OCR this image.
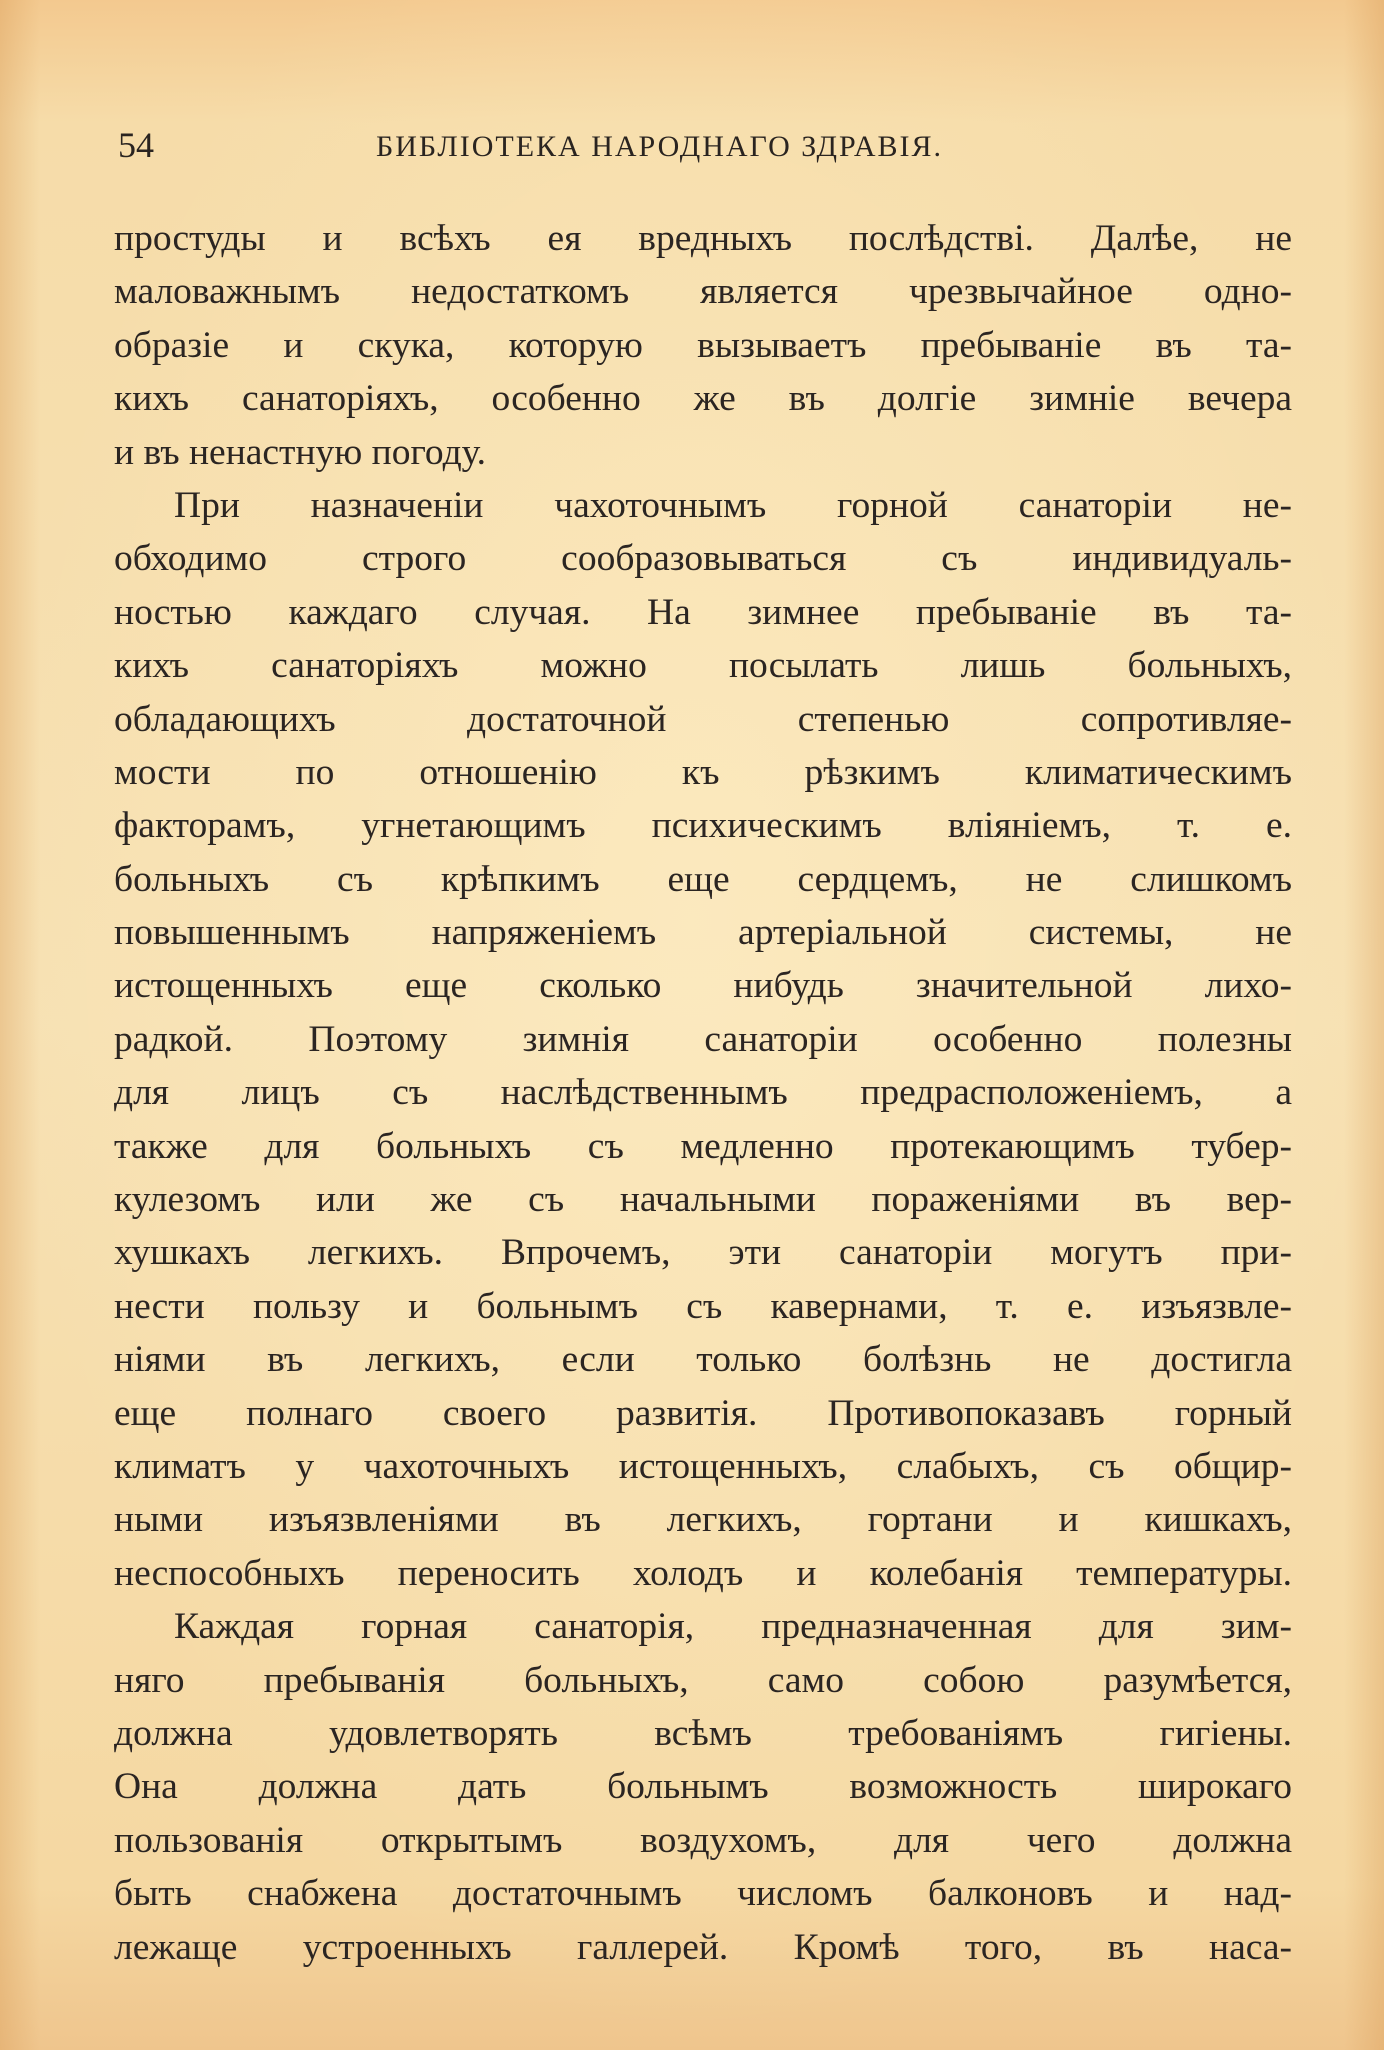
54	БИБЛIОТЕКА НАРОДНАГО ЗДРАВIЯ.

простуды и всѣхъ ея вредныхъ послѣдствi. Далѣе, не
маловажнымъ недостаткомъ является чрезвычайное одно-
образiе и скука, которую вызываетъ пребыванiе въ та-
кихъ санаторiяхъ, особенно же въ долгiе зимнiе вечера
и въ ненастную погоду.

При назначенiи чахоточнымъ горной санаторiи не-
обходимо строго сообразовываться съ индивидуаль-
ностью каждаго случая. На зимнее пребыванiе въ та-
кихъ санаторiяхъ можно посылать лишь больныхъ,
обладающихъ достаточной степенью сопротивляе-
мости по отношенiю къ рѣзкимъ климатическимъ
факторамъ, угнетающимъ психическимъ влiянiемъ, т. е.
больныхъ съ крѣпкимъ еще сердцемъ, не слишкомъ
повышеннымъ напряженiемъ артерiальной системы, не
истощенныхъ еще сколько нибудь значительной лихо-
радкой. Поэтому зимнiя санаторiи особенно полезны
для лицъ съ наслѣдственнымъ предрасположенiемъ, а
также для больныхъ съ медленно протекающимъ тубер-
кулезомъ или же съ начальными пораженiями въ вер-
хушкахъ легкихъ. Впрочемъ, эти санаторiи могутъ при-
нести пользу и больнымъ съ кавернами, т. е. изъязвле-
нiями въ легкихъ, если только болѣзнь не достигла
еще полнаго своего развитiя. Противопоказавъ горный
климатъ у чахоточныхъ истощенныхъ, слабыхъ, съ общир-
ными изъязвленiями въ легкихъ, гортани и кишкахъ,
неспособныхъ переносить холодъ и колебанiя температуры.

Каждая горная санаторiя, предназначенная для зим-
няго пребыванiя больныхъ, само собою разумѣется,
должна удовлетворять всѣмъ требованiямъ гигiены.
Она должна дать больнымъ возможность широкаго
пользованiя открытымъ воздухомъ, для чего должна
быть снабжена достаточнымъ числомъ балконовъ и над-
лежаще устроенныхъ галлерей. Кромѣ того, въ наса-
